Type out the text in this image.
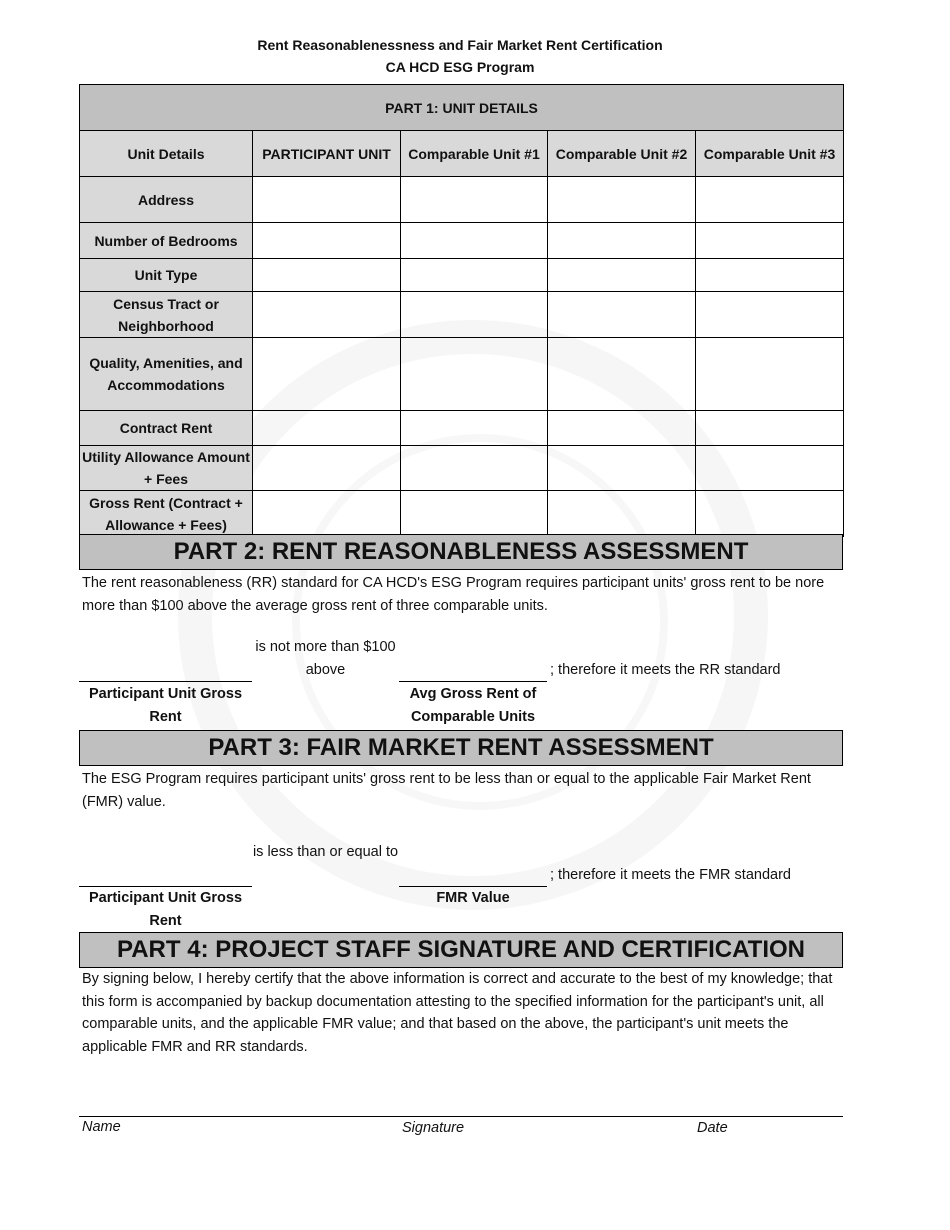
Rent Reasonablenessness and Fair Market Rent Certification
CA HCD ESG Program
PART 1: UNIT DETAILS				
Unit Details	PARTICIPANT UNIT	Comparable Unit #1	Comparable Unit #2	Comparable Unit #3
Address				
Number of Bedrooms				
Unit Type				
Census Tract or Neighborhood				
Quality, Amenities, and Accommodations				
Contract Rent				
Utility Allowance Amount + Fees				
Gross Rent (Contract + Allowance + Fees)				
PART 2: RENT REASONABLENESS ASSESSMENT
The rent reasonableness (RR) standard for CA HCD's ESG Program requires participant units' gross rent to be nore more than $100 above the average gross rent of three comparable units.
is not more than $100 above	; therefore it meets the RR standard
Participant Unit Gross Rent
Avg Gross Rent of Comparable Units
PART 3: FAIR MARKET RENT ASSESSMENT
The ESG Program requires participant units' gross rent to be less than or equal to the applicable Fair Market Rent (FMR) value.
is less than or equal to
; therefore it meets the FMR standard
Participant Unit Gross Rent
FMR Value
PART 4: PROJECT STAFF SIGNATURE AND CERTIFICATION
By signing below, I hereby certify that the above information is correct and accurate to the best of my knowledge; that this form is accompanied by backup documentation attesting to the specified information for the participant's unit, all comparable units, and the applicable FMR value; and that based on the above, the participant's unit meets the applicable FMR and RR standards.
Name	Signature	Date
